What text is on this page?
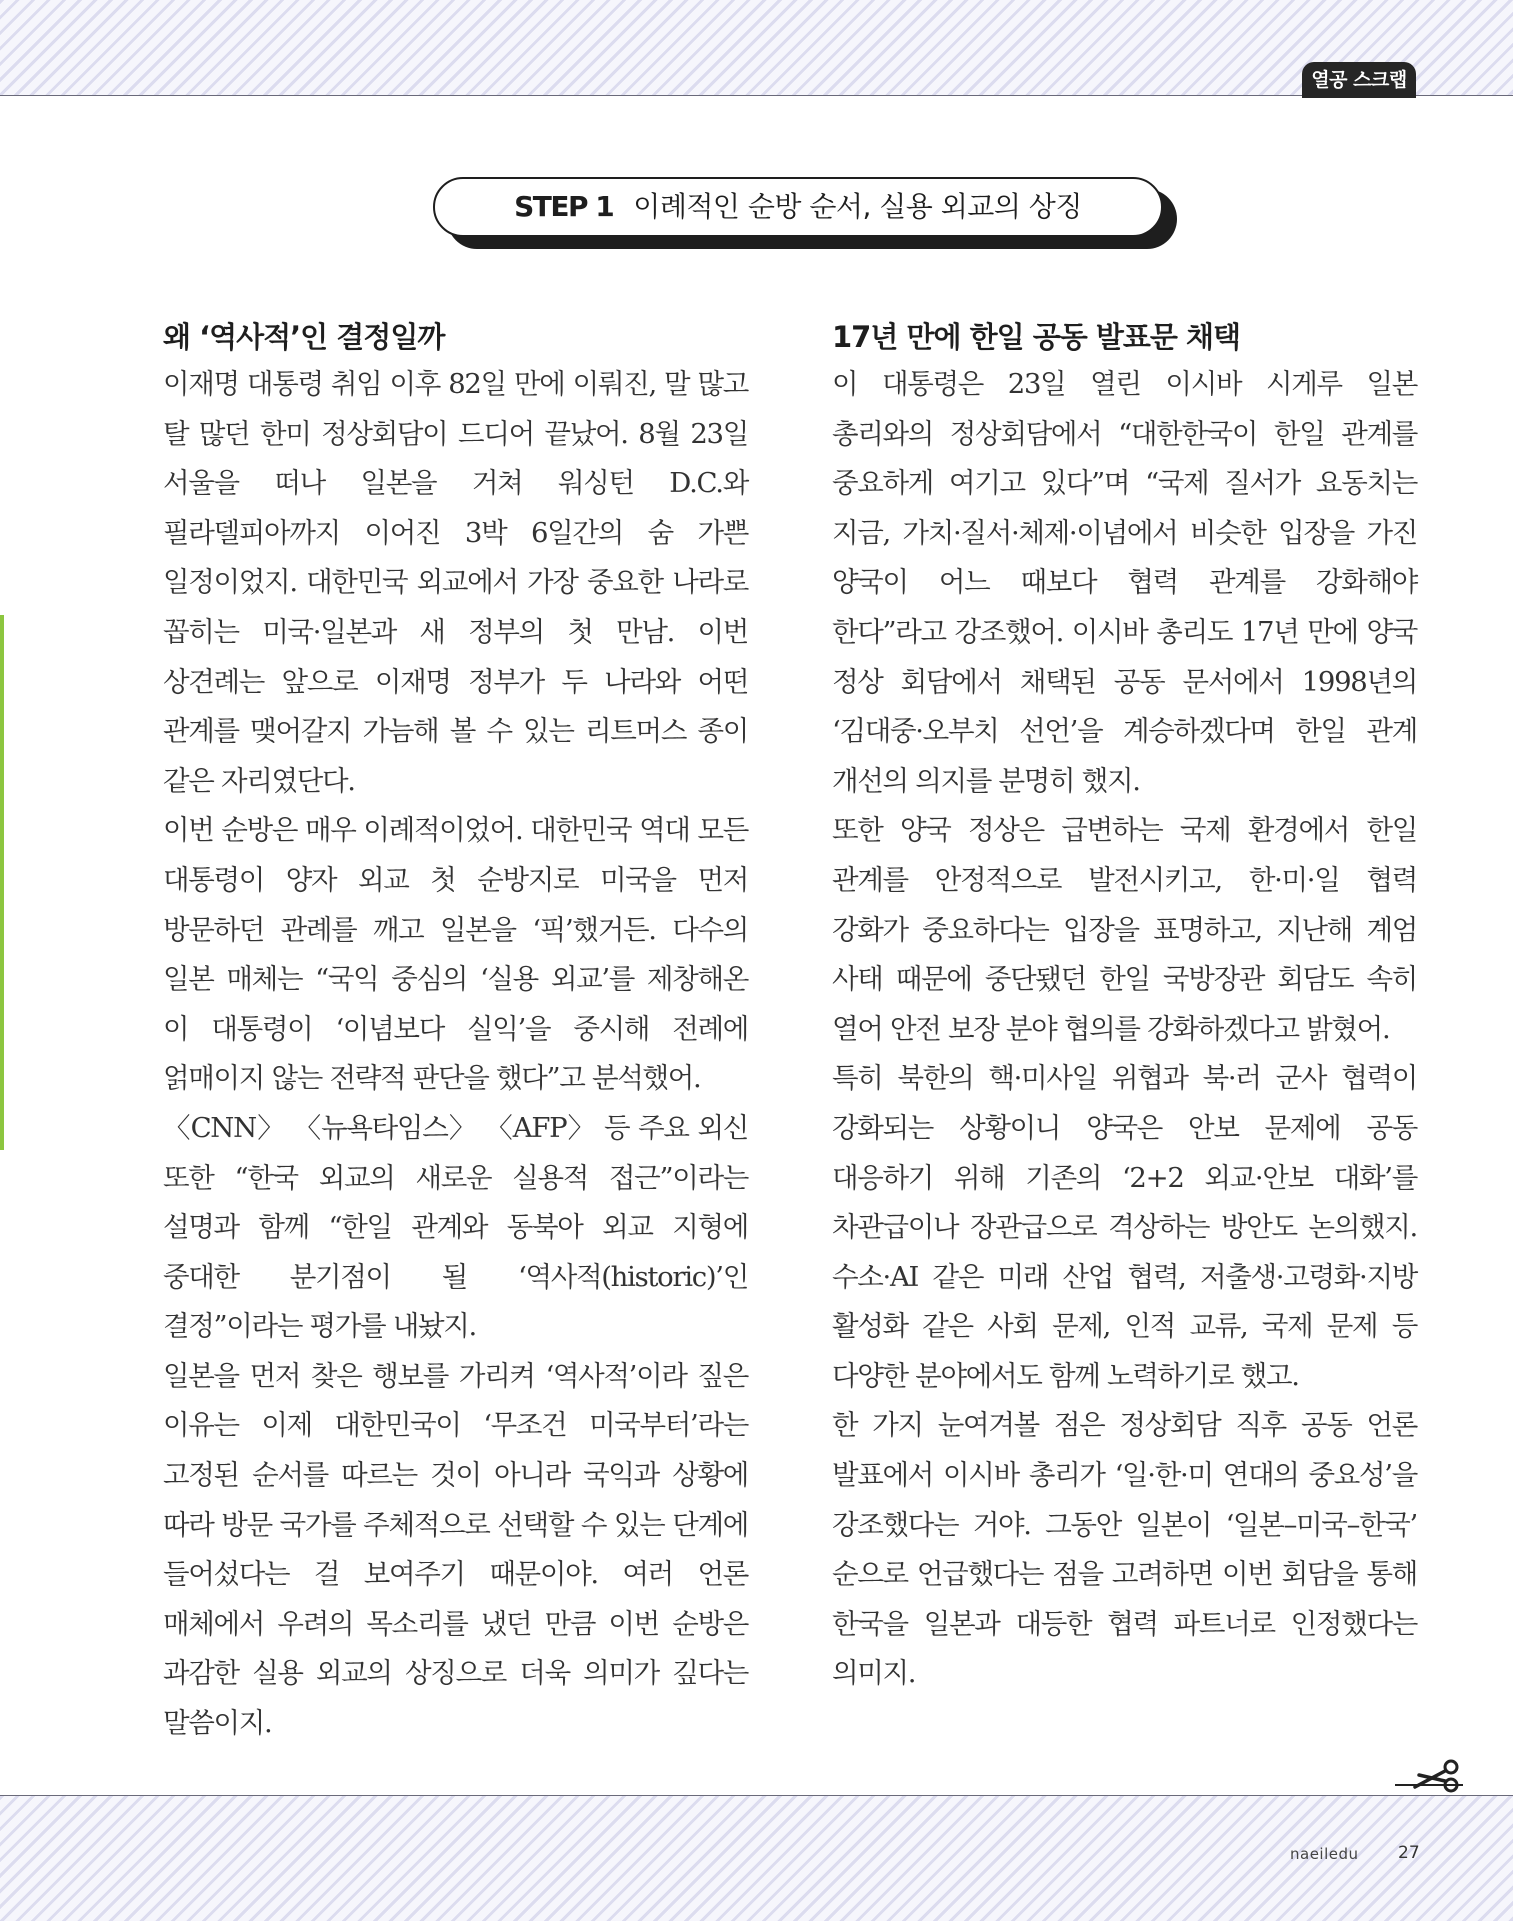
열공 스크랩
STEP 1 이례적인 순방 순서, 실용 외교의 상징
왜 ‘역사적’인 결정일까

이재명 대통령 취임 이후 82일 만에 이뤄진, 말 많고 탈 많던 한미 정상회담이 드디어 끝났어. 8월 23일 서울을 떠나 일본을 거쳐 워싱턴 D.C.와 필라델피아까지 이어진 3박 6일간의 숨 가쁜 일정이었지. 대한민국 외교에서 가장 중요한 나라로 꼽히는 미국·일본과 새 정부의 첫 만남. 이번 상견례는 앞으로 이재명 정부가 두 나라와 어떤 관계를 맺어갈지 가늠해 볼 수 있는 리트머스 종이 같은 자리였단다.

이번 순방은 매우 이례적이었어. 대한민국 역대 모든 대통령이 양자 외교 첫 순방지로 미국을 먼저 방문하던 관례를 깨고 일본을 ‘픽’했거든. 다수의 일본 매체는 “국익 중심의 ‘실용 외교’를 제창해온 이 대통령이 ‘이념보다 실익’을 중시해 전례에 얽매이지 않는 전략적 판단을 했다”고 분석했어.

〈CNN〉 〈뉴욕타임스〉 〈AFP〉 등 주요 외신 또한 “한국 외교의 새로운 실용적 접근”이라는 설명과 함께 “한일 관계와 동북아 외교 지형에 중대한 분기점이 될 ‘역사적(historic)’인 결정”이라는 평가를 내놨지.

일본을 먼저 찾은 행보를 가리켜 ‘역사적’이라 짚은 이유는 이제 대한민국이 ‘무조건 미국부터’라는 고정된 순서를 따르는 것이 아니라 국익과 상황에 따라 방문 국가를 주체적으로 선택할 수 있는 단계에 들어섰다는 걸 보여주기 때문이야. 여러 언론 매체에서 우려의 목소리를 냈던 만큼 이번 순방은 과감한 실용 외교의 상징으로 더욱 의미가 깊다는 말씀이지.

17년 만에 한일 공동 발표문 채택

이 대통령은 23일 열린 이시바 시게루 일본 총리와의 정상회담에서 “대한한국이 한일 관계를 중요하게 여기고 있다”며 “국제 질서가 요동치는 지금, 가치·질서·체제·이념에서 비슷한 입장을 가진 양국이 어느 때보다 협력 관계를 강화해야 한다”라고 강조했어. 이시바 총리도 17년 만에 양국 정상 회담에서 채택된 공동 문서에서 1998년의 ‘김대중·오부치 선언’을 계승하겠다며 한일 관계 개선의 의지를 분명히 했지.

또한 양국 정상은 급변하는 국제 환경에서 한일 관계를 안정적으로 발전시키고, 한·미·일 협력 강화가 중요하다는 입장을 표명하고, 지난해 계엄 사태 때문에 중단됐던 한일 국방장관 회담도 속히 열어 안전 보장 분야 협의를 강화하겠다고 밝혔어.

특히 북한의 핵·미사일 위협과 북·러 군사 협력이 강화되는 상황이니 양국은 안보 문제에 공동 대응하기 위해 기존의 ‘2+2 외교·안보 대화’를 차관급이나 장관급으로 격상하는 방안도 논의했지. 수소·AI 같은 미래 산업 협력, 저출생·고령화·지방 활성화 같은 사회 문제, 인적 교류, 국제 문제 등 다양한 분야에서도 함께 노력하기로 했고.

한 가지 눈여겨볼 점은 정상회담 직후 공동 언론 발표에서 이시바 총리가 ‘일·한·미 연대의 중요성’을 강조했다는 거야. 그동안 일본이 ‘일본–미국–한국’ 순으로 언급했다는 점을 고려하면 이번 회담을 통해 한국을 일본과 대등한 협력 파트너로 인정했다는 의미지.

naeiledu 27
